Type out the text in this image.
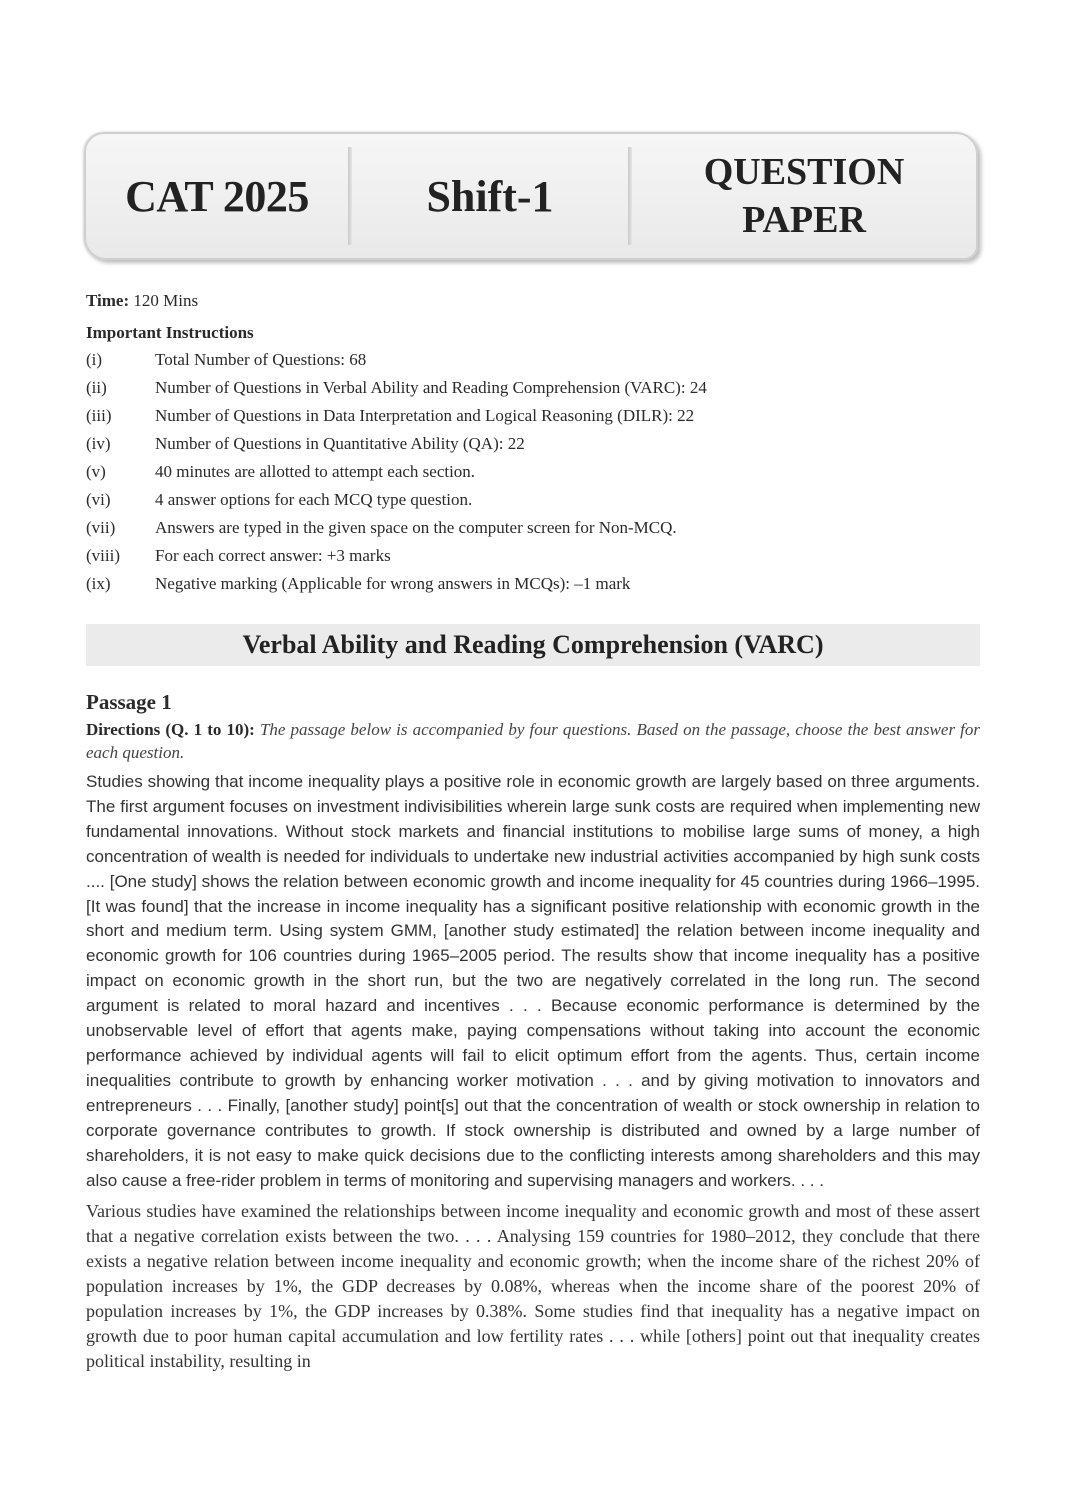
CAT 2025	Shift-1	QUESTION
PAPER
Time: 120 Mins
Important Instructions
(i)	Total Number of Questions: 68
(ii)	Number of Questions in Verbal Ability and Reading Comprehension (VARC): 24
(iii)	Number of Questions in Data Interpretation and Logical Reasoning (DILR): 22
(iv)	Number of Questions in Quantitative Ability (QA): 22
(v)	40 minutes are allotted to attempt each section.
(vi)	4 answer options for each MCQ type question.
(vii)	Answers are typed in the given space on the computer screen for Non-MCQ.
(viii)	For each correct answer: +3 marks
(ix)	Negative marking (Applicable for wrong answers in MCQs): –1 mark
Verbal Ability and Reading Comprehension (VARC)
Passage 1
Directions (Q. 1 to 10): The passage below is accompanied by four questions. Based on the passage, choose the best answer for each question.
Studies showing that income inequality plays a positive role in economic growth are largely based on three arguments. The first argument focuses on investment indivisibilities wherein large sunk costs are required when implementing new fundamental innovations. Without stock markets and financial institutions to mobilise large sums of money, a high concentration of wealth is needed for individuals to undertake new industrial activities accompanied by high sunk costs .... [One study] shows the relation between economic growth and income inequality for 45 countries during 1966–1995. [It was found] that the increase in income inequality has a significant positive relationship with economic growth in the short and medium term. Using system GMM, [another study estimated] the relation between income inequality and economic growth for 106 countries during 1965–2005 period. The results show that income inequality has a positive impact on economic growth in the short run, but the two are negatively correlated in the long run. The second argument is related to moral hazard and incentives . . . Because economic performance is determined by the unobservable level of effort that agents make, paying compensations without taking into account the economic performance achieved by individual agents will fail to elicit optimum effort from the agents. Thus, certain income inequalities contribute to growth by enhancing worker motivation . . . and by giving motivation to innovators and entrepreneurs . . . Finally, [another study] point[s] out that the concentration of wealth or stock ownership in relation to corporate governance contributes to growth. If stock ownership is distributed and owned by a large number of shareholders, it is not easy to make quick decisions due to the conflicting interests among shareholders and this may also cause a free-rider problem in terms of monitoring and supervising managers and workers. . . .
Various studies have examined the relationships between income inequality and economic growth and most of these assert that a negative correlation exists between the two. . . . Analysing 159 countries for 1980–2012, they conclude that there exists a negative relation between income inequality and economic growth; when the income share of the richest 20% of population increases by 1%, the GDP decreases by 0.08%, whereas when the income share of the poorest 20% of population increases by 1%, the GDP increases by 0.38%. Some studies find that inequality has a negative impact on growth due to poor human capital accumulation and low fertility rates . . . while [others] point out that inequality creates political instability, resulting in
